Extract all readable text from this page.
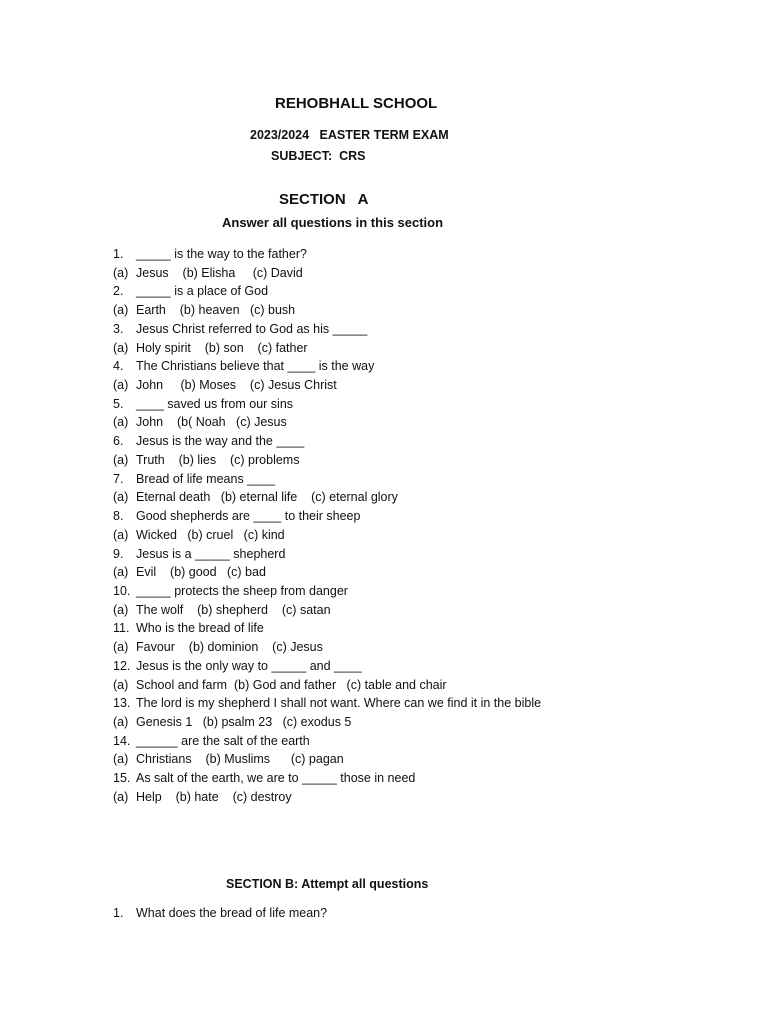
REHOBHALL SCHOOL
2023/2024   EASTER TERM EXAM
SUBJECT:  CRS
SECTION   A
Answer all questions in this section
1. _____ is the way to the father?
(a) Jesus    (b) Elisha     (c) David
2. _____ is a place of God
(a) Earth    (b) heaven   (c) bush
3. Jesus Christ referred to God as his _____
(a) Holy spirit    (b) son    (c) father
4. The Christians believe that ____ is the way
(a) John     (b) Moses    (c) Jesus Christ
5. ____ saved us from our sins
(a) John    (b( Noah   (c) Jesus
6. Jesus is the way and the ____
(a) Truth    (b) lies    (c) problems
7. Bread of life means ____
(a) Eternal death   (b) eternal life    (c) eternal glory
8. Good shepherds are ____ to their sheep
(a) Wicked   (b) cruel   (c) kind
9. Jesus is a _____ shepherd
(a) Evil    (b) good   (c) bad
10. _____ protects the sheep from danger
(a) The wolf    (b) shepherd    (c) satan
11. Who is the bread of life
(a) Favour    (b) dominion    (c) Jesus
12. Jesus is the only way to _____ and ____
(a) School and farm  (b) God and father   (c) table and chair
13. The lord is my shepherd I shall not want. Where can we find it in the bible
(a) Genesis 1   (b) psalm 23   (c) exodus 5
14. ______ are the salt of the earth
(a) Christians    (b) Muslims      (c) pagan
15. As salt of the earth, we are to _____ those in need
(a) Help    (b) hate    (c) destroy
SECTION B: Attempt all questions
1. What does the bread of life mean?
